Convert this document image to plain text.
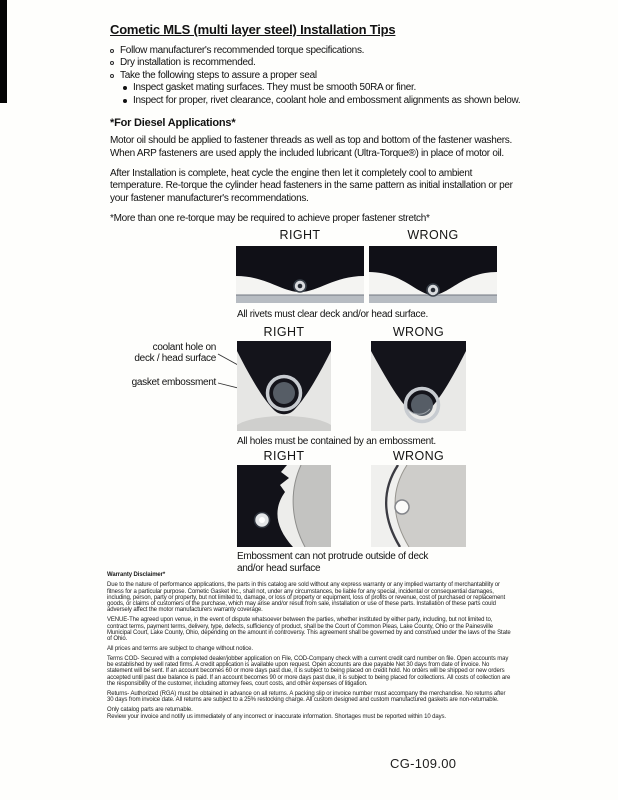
Cometic MLS (multi layer steel) Installation Tips
Follow manufacturer's recommended torque specifications.
Dry installation is recommended.
Take the following steps to assure a proper seal
Inspect gasket mating surfaces. They must be smooth 50RA or finer.
Inspect for proper, rivet clearance, coolant hole and embossment alignments as shown below.
*For Diesel Applications*
Motor oil should be applied to fastener threads as well as top and bottom of the fastener washers. When ARP fasteners are used apply the included lubricant (Ultra-Torque®) in place of motor oil.
After Installation is complete, heat cycle the engine then let it completely cool to ambient temperature. Re-torque the cylinder head fasteners in the same pattern as initial installation or per your fastener manufacturer's recommendations.
*More than one re-torque may be required to achieve proper fastener stretch*
RIGHT	WRONG
All rivets must clear deck and/or head surface.
RIGHT	WRONG
coolant hole on
deck / head surface
gasket embossment
All holes must be contained by an embossment.
RIGHT	WRONG
Embossment can not protrude outside of deck
and/or head surface

Warranty Disclaimer*

Due to the nature of performance applications, the parts in this catalog are sold without any express warranty or any implied warranty of merchantability or fitness for a particular purpose. Cometic Gasket Inc., shall not, under any circumstances, be liable for any special, incidental or consequential damages, including, person, party or property, but not limited to, damage, or loss of property or equipment, loss of profits or revenue, cost of purchased or replacement goods, or claims of customers of the purchase, which may arise and/or result from sale, installation or use of these parts. Installation of these parts could adversely affect the motor manufacturers warranty coverage.

VENUE-The agreed upon venue, in the event of dispute whatsoever between the parties, whether instituted by either party, including, but not limited to, contract terms, payment terms, delivery, type, defects, sufficiency of product, shall be the Court of Common Pleas, Lake County, Ohio or the Painesville Municipal Court, Lake County, Ohio, depending on the amount in controversy. This agreement shall be governed by and construed under the laws of the State of Ohio.

All prices and terms are subject to change without notice.

Terms COD- Secured with a completed dealer/jobber application on File, COD-Company check with a current credit card number on file. Open accounts may be established by well rated firms. A credit application is available upon request. Open accounts are due payable Net 30 days from date of invoice. No statement will be sent. If an account becomes 60 or more days past due, it is subject to being placed on credit hold. No orders will be shipped or new orders accepted until past due balance is paid. If an account becomes 90 or more days past due, it is subject to being placed for collections. All costs of collection are the responsibility of the customer, including attorney fees, court costs, and other expenses of litigation.

Returns- Authorized (RGA) must be obtained in advance on all returns. A packing slip or invoice number must accompany the merchandise. No returns after 30 days from invoice date. All returns are subject to a 25% restocking charge. All custom designed and custom manufactured gaskets are non-returnable.

Only catalog parts are returnable.

Review your invoice and notify us immediately of any incorrect or inaccurate information. Shortages must be reported within 10 days.

CG-109.00
